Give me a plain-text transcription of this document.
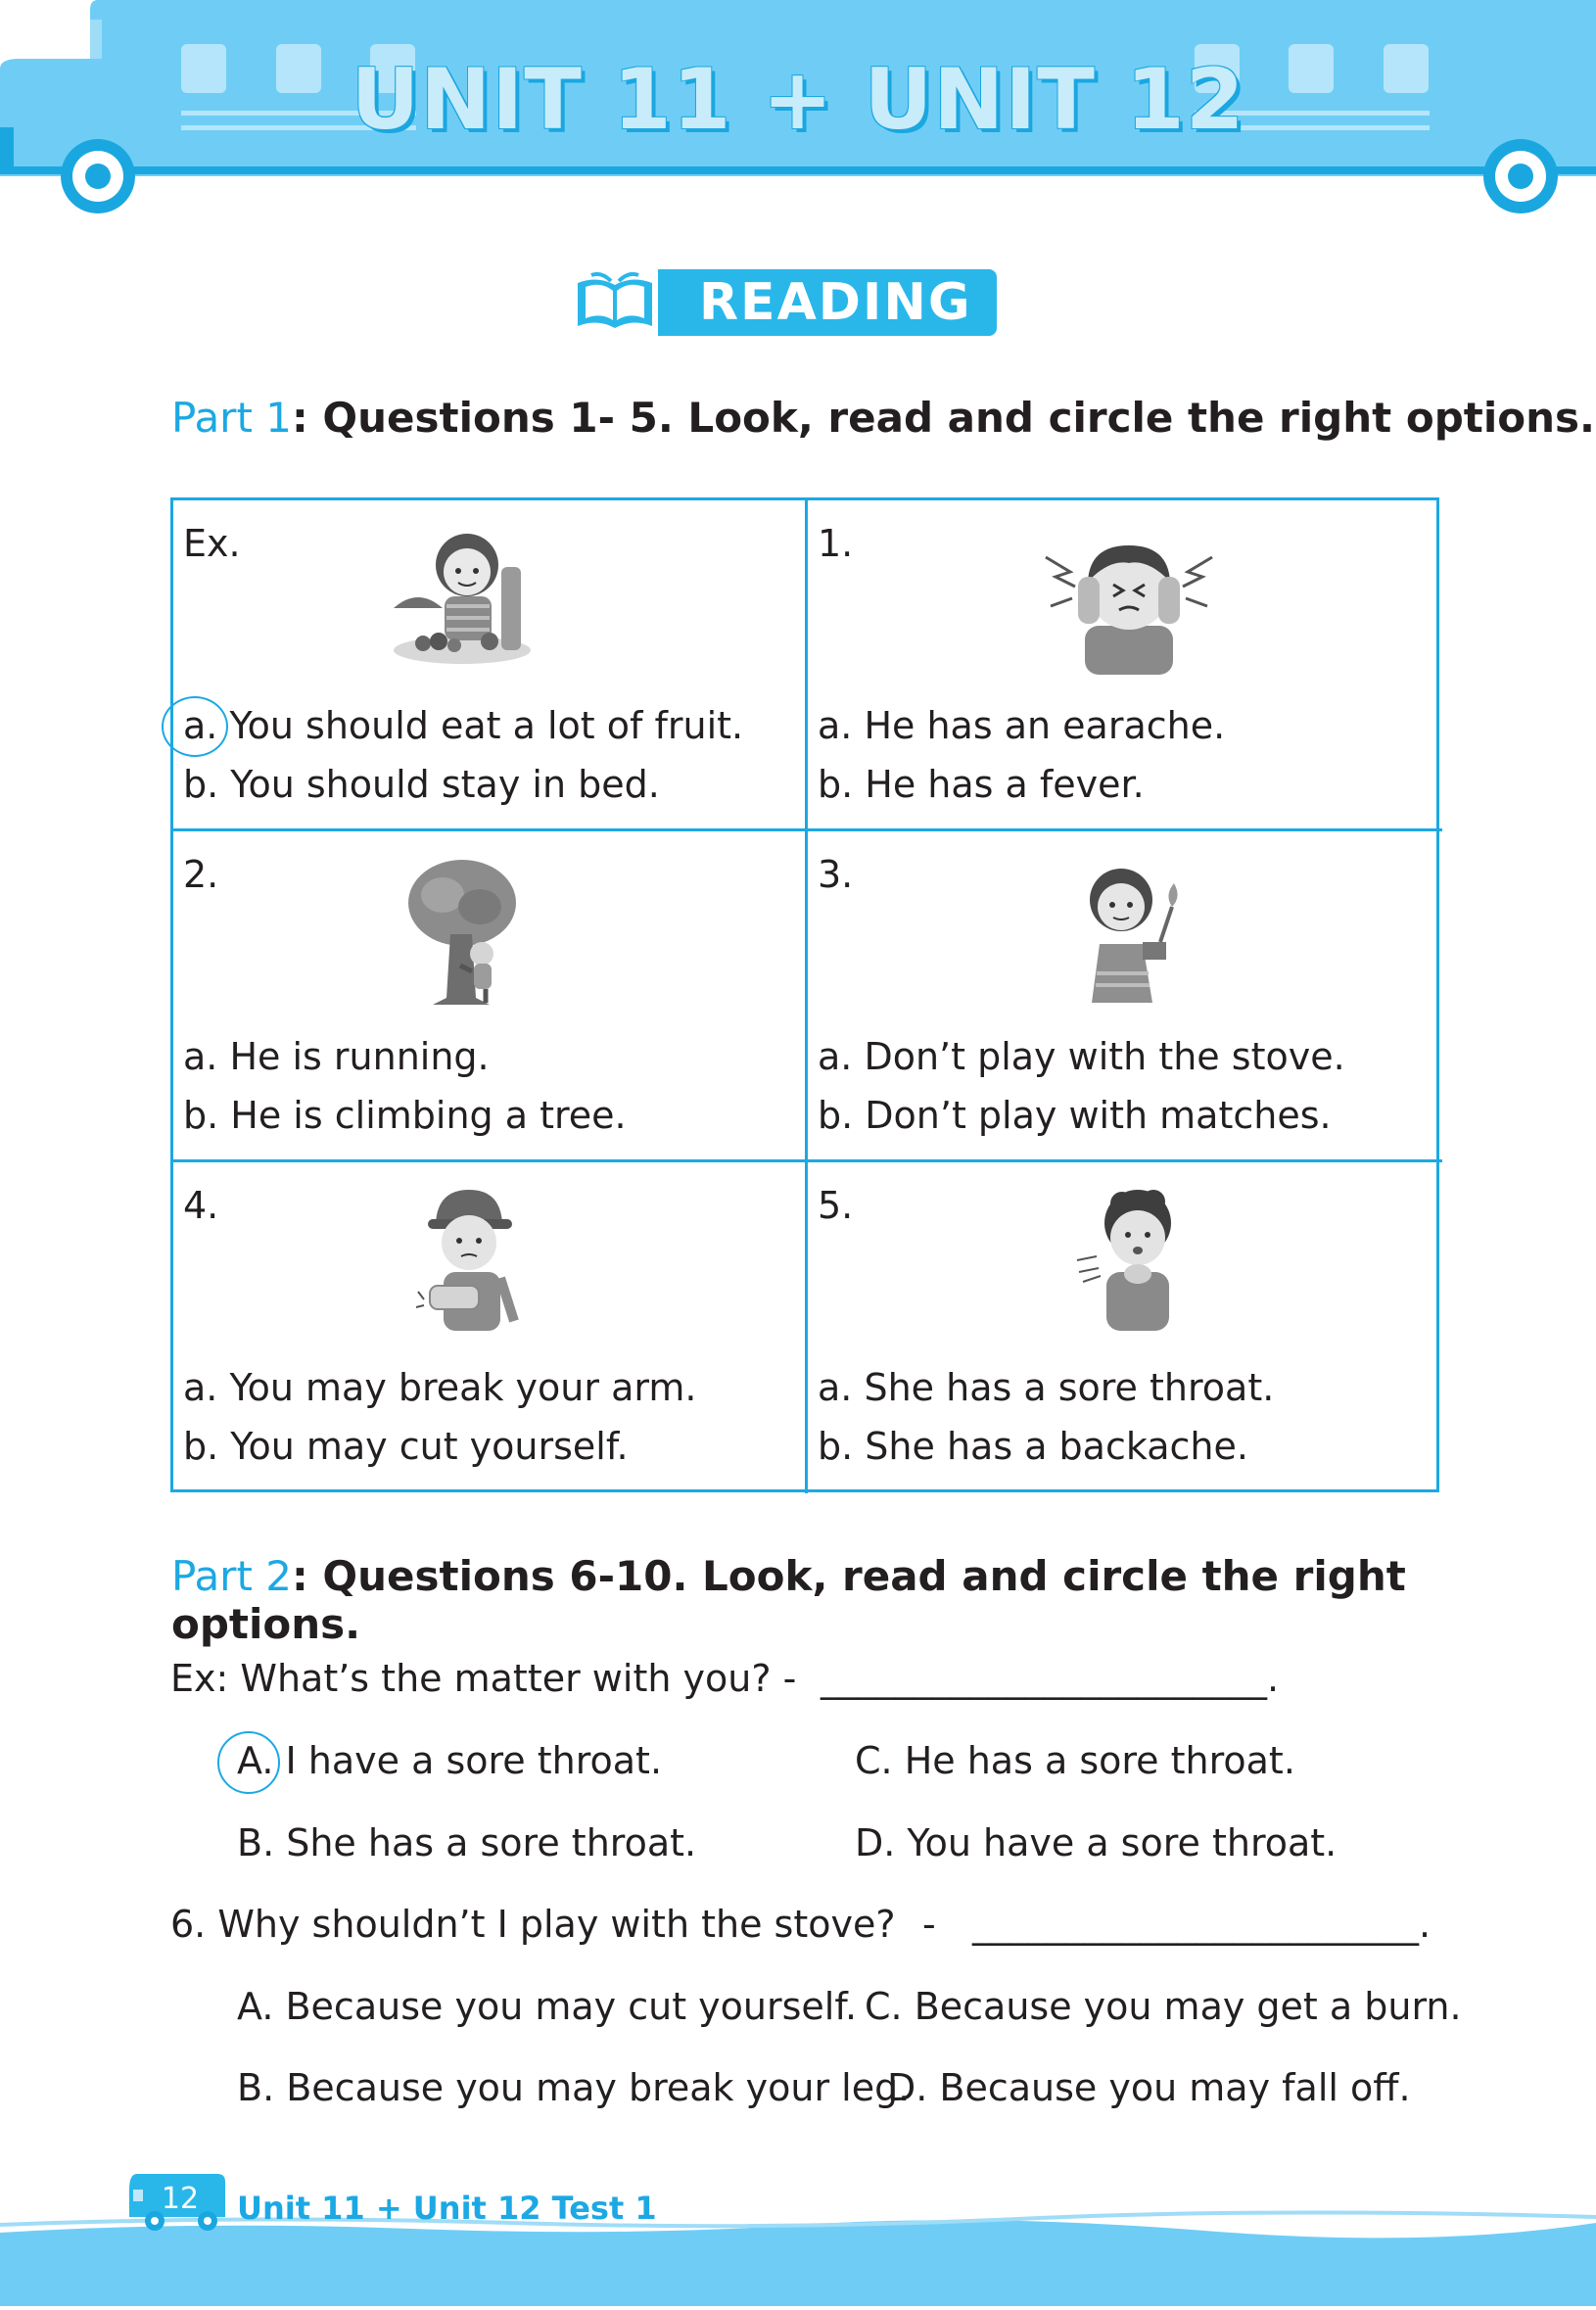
UNIT 11 + UNIT 12
READING
Part 1: Questions 1- 5. Look, read and circle the right options.
Ex.
a. You should eat a lot of fruit.
b. You should stay in bed.
1.
a. He has an earache.
b. He has a fever.
2.
a. He is running.
b. He is climbing a tree.
3.
a. Don’t play with the stove.
b. Don’t play with matches.
4.
a. You may break your arm.
b. You may cut yourself.
5.
a. She has a sore throat.
b. She has a backache.
Part 2: Questions 6-10. Look, read and circle the right options.
Ex: What’s the matter with you? - ________________________.
A. I have a sore throat.	C. He has a sore throat.
B. She has a sore throat.	D. You have a sore throat.
6. Why shouldn’t I play with the stove? - ________________________.
A. Because you may cut yourself. C. Because you may get a burn.
B. Because you may break your leg.
D. Because you may fall off.
12 Unit 11 + Unit 12 Test 1
